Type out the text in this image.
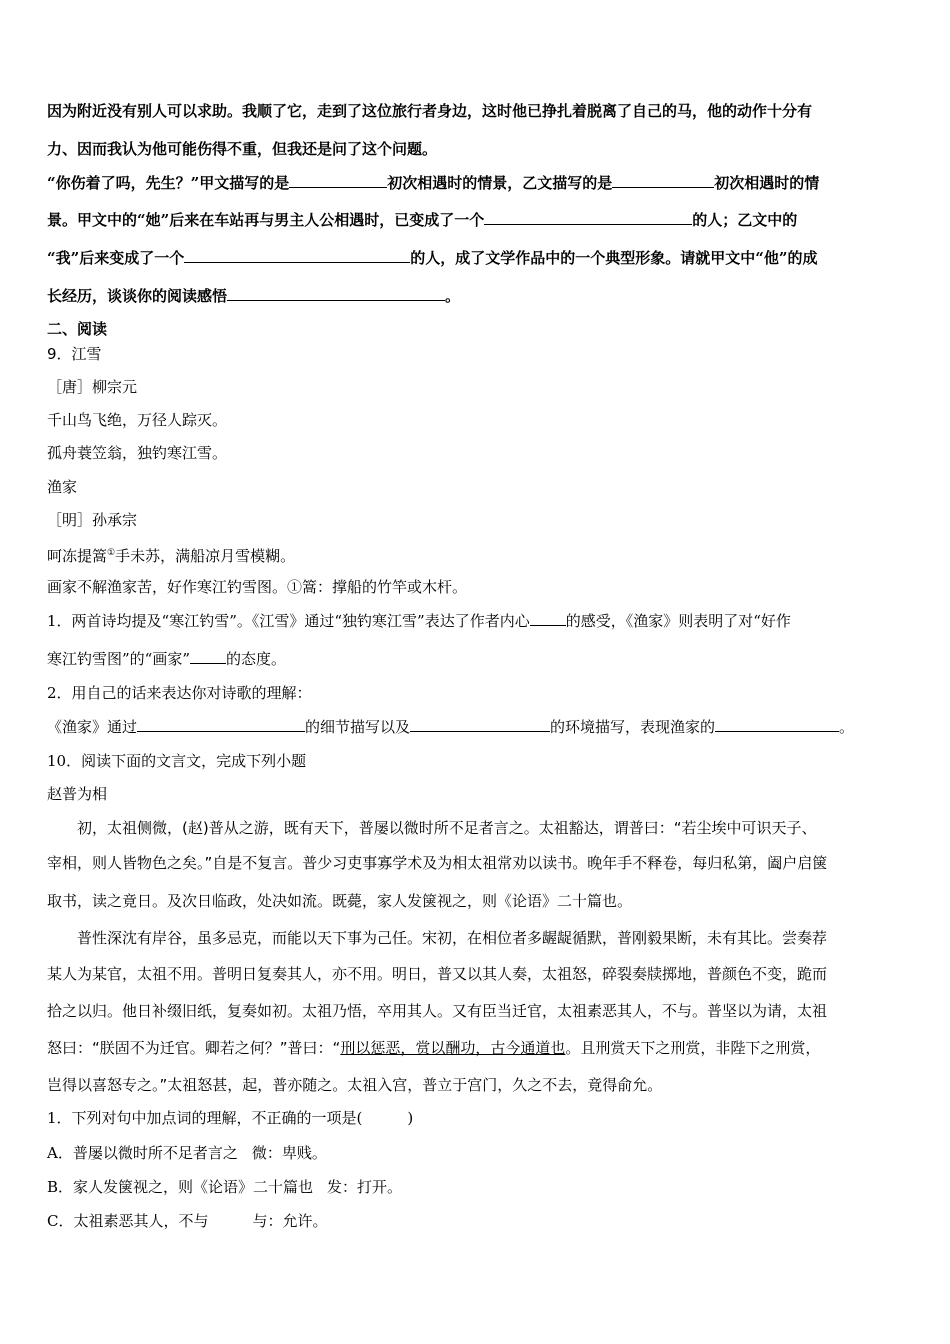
因为附近没有别人可以求助。我顺了它，走到了这位旅行者身边，这时他已挣扎着脱离了自己的马，他的动作十分有
力、因而我认为他可能伤得不重，但我还是问了这个问题。
“你伤着了吗，先生？”甲文描写的是	初次相遇时的情景，乙文描写的是	初次相遇时的情
景。甲文中的“她”后来在车站再与男主人公相遇时，已变成了一个	的人；乙文中的
“我”后来变成了一个	的人，成了文学作品中的一个典型形象。请就甲文中“他”的成
长经历，谈谈你的阅读感悟	。
二、阅读
9．江雪
［唐］柳宗元
千山鸟飞绝，万径人踪灭。
孤舟蓑笠翁，独钓寒江雪。
渔家
［明］孙承宗
呵冻提篙①手未苏，满船凉月雪模糊。
画家不解渔家苦，好作寒江钓雪图。①篙：撑船的竹竿或木杆。
1．两首诗均提及“寒江钓雪”。《江雪》通过“独钓寒江雪”表达了作者内心 的感受，《渔家》则表明了对“好作
寒江钓雪图”的“画家” 的态度。
2．用自己的话来表达你对诗歌的理解：
《渔家》通过	的细节描写以及	的环境描写，表现渔家的	。
10．阅读下面的文言文，完成下列小题
赵普为相
初，太祖侧微，(赵)普从之游，既有天下，普屡以微时所不足者言之。太祖豁达，谓普曰：“若尘埃中可识天子、
宰相，则人皆物色之矣。”自是不复言。普少习吏事寡学术及为相太祖常劝以读书。晚年手不释卷，每归私第，阖户启箧
取书，读之竟日。及次日临政，处决如流。既薨，家人发箧视之，则《论语》二十篇也。
普性深沈有岸谷，虽多忌克，而能以天下事为己任。宋初，在相位者多龌龊循默，普刚毅果断，未有其比。尝奏荐
某人为某官，太祖不用。普明日复奏其人，亦不用。明日，普又以其人奏，太祖怒，碎裂奏牍掷地，普颜色不变，跪而
拾之以归。他日补缀旧纸，复奏如初。太祖乃悟，卒用其人。又有臣当迁官，太祖素恶其人，不与。普坚以为请，太祖
怒曰：“朕固不为迁官。卿若之何？”普曰：“刑以惩恶，赏以酬功，古今通道也。且刑赏天下之刑赏，非陛下之刑赏，
岂得以喜怒专之。”太祖怒甚，起，普亦随之。太祖入宫，普立于宫门，久之不去，竟得俞允。
1．下列对句中加点词的理解，不正确的一项是(　　　)
A．普屡以微时所不足者言之 微：卑贱。
B．家人发箧视之，则《论语》二十篇也 发：打开。
C．太祖素恶其人，不与	与：允许。
